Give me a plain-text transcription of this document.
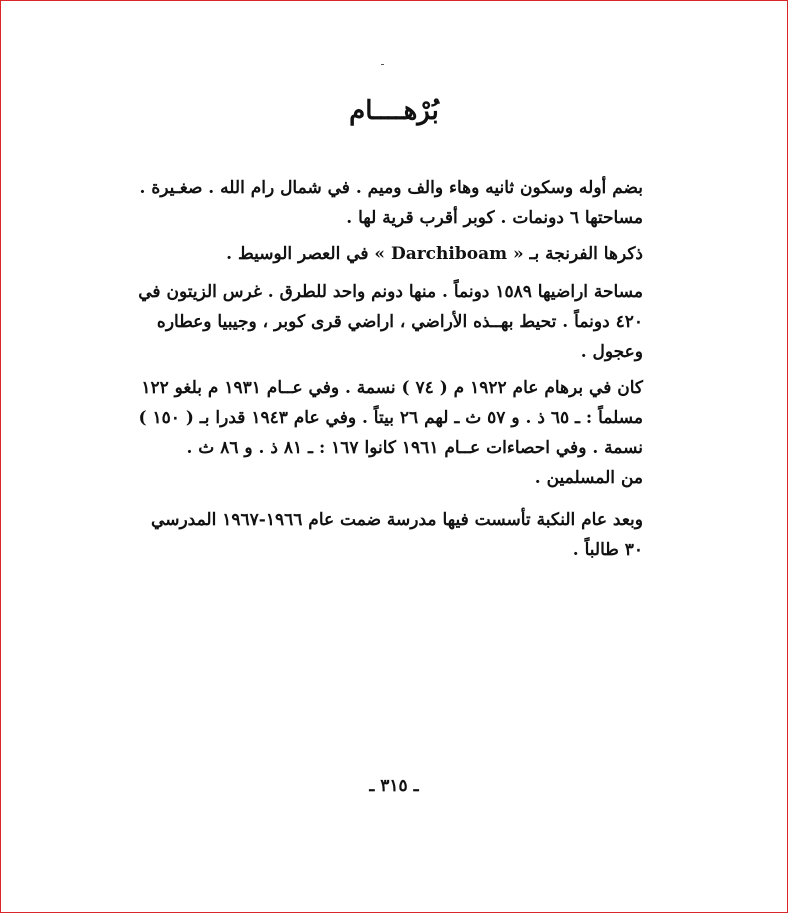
بُرْهــــام
بضم أوله وسكون ثانيه وهاء والف وميم . في شمال رام الله . صغـيرة .
مساحتها ٦ دونمات . كوبر أقرب قرية لها .
ذكرها الفرنجة بـ « Darchiboam » في العصر الوسيط .
مساحة اراضيها ١٥٨٩ دونماً . منها دونم واحد للطرق . غرس الزيتون في
٤٢٠ دونماً . تحيط بهــذه الأراضي ، اراضي قرى كوبر ، وجيبيا وعطاره
وعجول .
كان في برهام عام ١٩٢٢ م ( ٧٤ ) نسمة . وفي عــام ١٩٣١ م بلغو ١٢٢
مسلماً : ـ ٦٥ ذ . و ٥٧ ث ـ لهم ٢٦ بيتاً . وفي عام ١٩٤٣ قدرا بـ ( ١٥٠ )
نسمة . وفي احصاءات عــام ١٩٦١ كانوا ١٦٧ : ـ ٨١ ذ . و ٨٦ ث .
من المسلمين .
وبعد عام النكبة تأسست فيها مدرسة ضمت عام ١٩٦٦-١٩٦٧ المدرسي
٣٠ طالباً .
ـ ٣١٥ ـ
